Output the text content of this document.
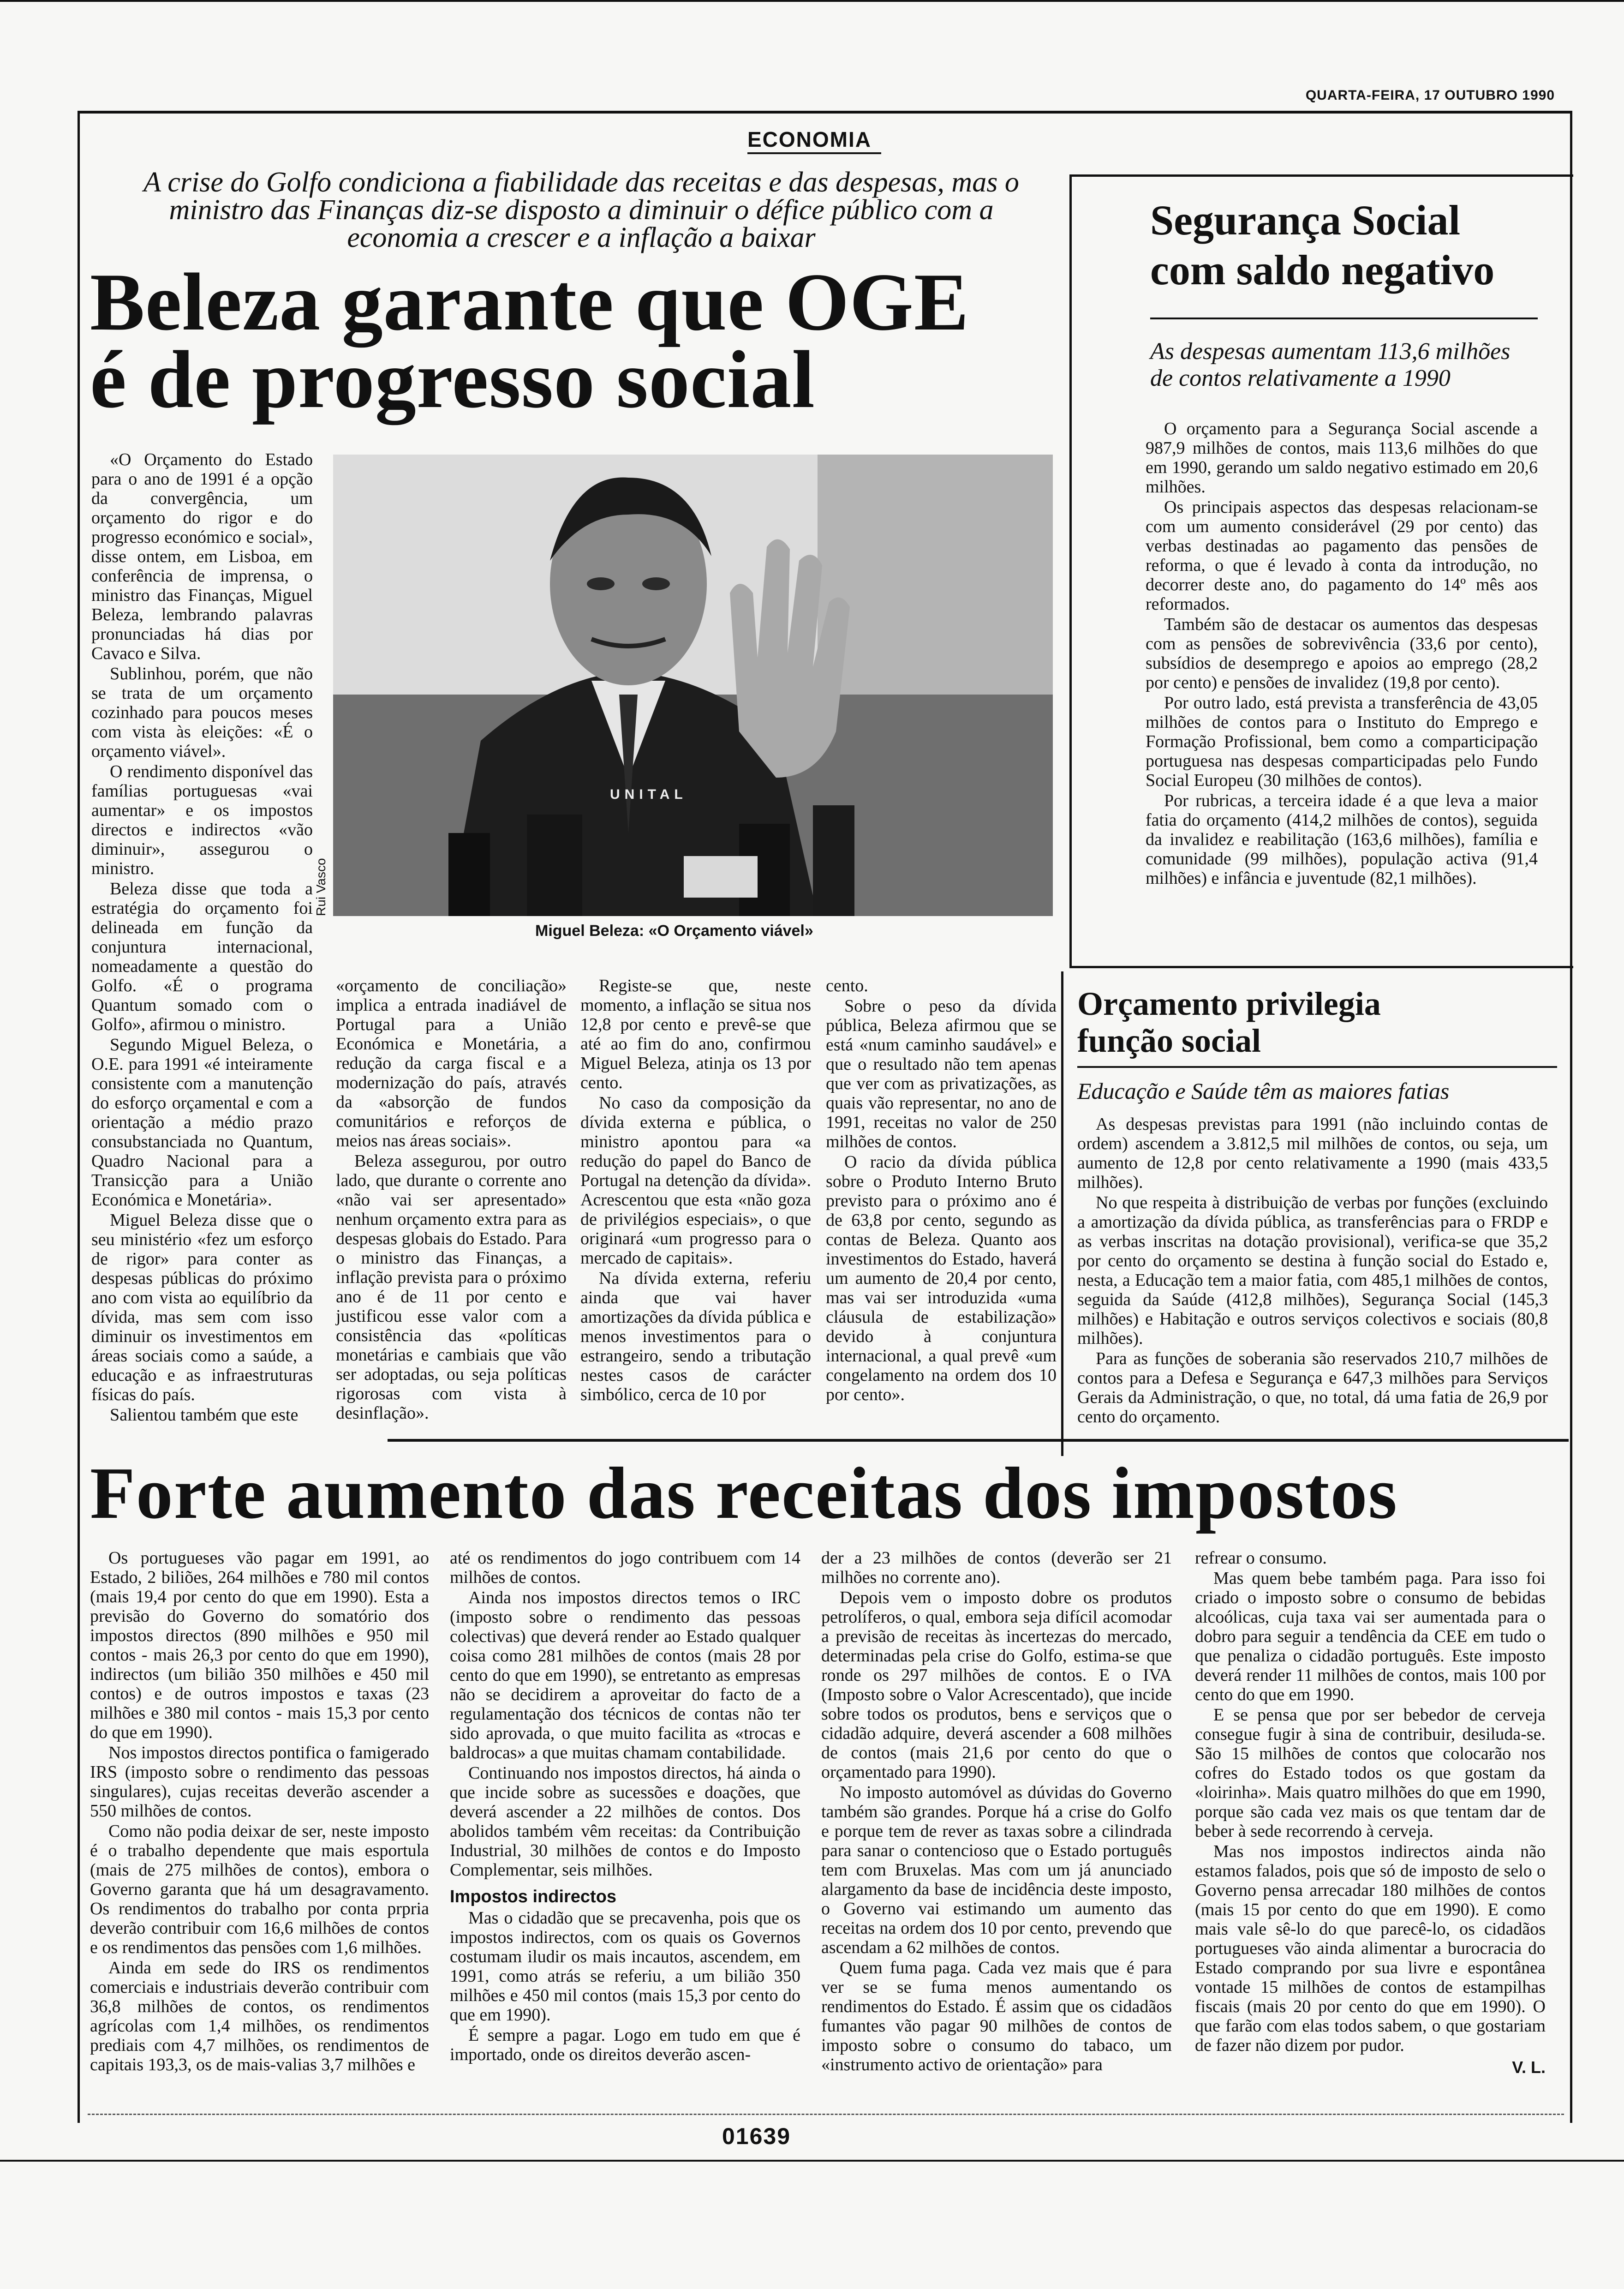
QUARTA-FEIRA, 17 OUTUBRO 1990
ECONOMIA
A crise do Golfo condiciona a fiabilidade das receitas e das despesas, mas o ministro das Finanças diz-se disposto a diminuir o défice público com a economia a crescer e a inflação a baixar
Beleza garante que OGE
é de progresso social
UNITAL
Rui Vasco
Miguel Beleza: «O Orçamento viável»

«O Orçamento do Estado para o ano de 1991 é a opção da convergência, um orçamento do rigor e do progresso económico e social», disse ontem, em Lisboa, em conferência de imprensa, o ministro das Finanças, Miguel Beleza, lembrando palavras pronunciadas há dias por Cavaco e Silva.

Sublinhou, porém, que não se trata de um orçamento cozinhado para poucos meses com vista às eleições: «É o orçamento viável».

O rendimento disponível das famílias portuguesas «vai aumentar» e os impostos directos e indirectos «vão diminuir», assegurou o ministro.

Beleza disse que toda a estratégia do orçamento foi delineada em função da conjuntura internacional, nomeadamente a questão do Golfo. «É o programa Quantum somado com o Golfo», afirmou o ministro.

Segundo Miguel Beleza, o O.E. para 1991 «é inteiramente consistente com a manutenção do esforço orçamental e com a orientação a médio prazo consubstanciada no Quantum, Quadro Nacional para a Transicção para a União Económica e Monetária».

Miguel Beleza disse que o seu ministério «fez um esforço de rigor» para conter as despesas públicas do próximo ano com vista ao equilíbrio da dívida, mas sem com isso diminuir os investimentos em áreas sociais como a saúde, a educação e as infraestruturas físicas do país.

Salientou também que este

«orçamento de conciliação» implica a entrada inadiável de Portugal para a União Económica e Monetária, a redução da carga fiscal e a modernização do país, através da «absorção de fundos comunitários e reforços de meios nas áreas sociais».

Beleza assegurou, por outro lado, que durante o corrente ano «não vai ser apresentado» nenhum orçamento extra para as despesas globais do Estado. Para o ministro das Finanças, a inflação prevista para o próximo ano é de 11 por cento e justificou esse valor com a consistência das «políticas monetárias e cambiais que vão ser adoptadas, ou seja políticas rigorosas com vista à desinflação».

Registe-se que, neste momento, a inflação se situa nos 12,8 por cento e prevê-se que até ao fim do ano, confirmou Miguel Beleza, atinja os 13 por cento.

No caso da composição da dívida externa e pública, o ministro apontou para «a redução do papel do Banco de Portugal na detenção da dívida». Acrescentou que esta «não goza de privilégios especiais», o que originará «um progresso para o mercado de capitais».

Na dívida externa, referiu ainda que vai haver amortizações da dívida pública e menos investimentos para o estrangeiro, sendo a tributação nestes casos de carácter simbólico, cerca de 10 por

cento.

Sobre o peso da dívida pública, Beleza afirmou que se está «num caminho saudável» e que o resultado não tem apenas que ver com as privatizações, as quais vão representar, no ano de 1991, receitas no valor de 250 milhões de contos.

O racio da dívida pública sobre o Produto Interno Bruto previsto para o próximo ano é de 63,8 por cento, segundo as contas de Beleza. Quanto aos investimentos do Estado, haverá um aumento de 20,4 por cento, mas vai ser introduzida «uma cláusula de estabilização» devido à conjuntura internacional, a qual prevê «um congelamento na ordem dos 10 por cento».

Segurança Social
com saldo negativo
As despesas aumentam 113,6 milhões de contos relativamente a 1990

O orçamento para a Segurança Social ascende a 987,9 milhões de contos, mais 113,6 milhões do que em 1990, gerando um saldo negativo estimado em 20,6 milhões.

Os principais aspectos das despesas relacionam-se com um aumento considerável (29 por cento) das verbas destinadas ao pagamento das pensões de reforma, o que é levado à conta da introdução, no decorrer deste ano, do pagamento do 14º mês aos reformados.

Também são de destacar os aumentos das despesas com as pensões de sobrevivência (33,6 por cento), subsídios de desemprego e apoios ao emprego (28,2 por cento) e pensões de invalidez (19,8 por cento).

Por outro lado, está prevista a transferência de 43,05 milhões de contos para o Instituto do Emprego e Formação Profissional, bem como a comparticipação portuguesa nas despesas comparticipadas pelo Fundo Social Europeu (30 milhões de contos).

Por rubricas, a terceira idade é a que leva a maior fatia do orçamento (414,2 milhões de contos), seguida da invalidez e reabilitação (163,6 milhões), família e comunidade (99 milhões), população activa (91,4 milhões) e infância e juventude (82,1 milhões).

Orçamento privilegia
função social
Educação e Saúde têm as maiores fatias

As despesas previstas para 1991 (não incluindo contas de ordem) ascendem a 3.812,5 mil milhões de contos, ou seja, um aumento de 12,8 por cento relativamente a 1990 (mais 433,5 milhões).

No que respeita à distribuição de verbas por funções (excluindo a amortização da dívida pública, as transferências para o FRDP e as verbas inscritas na dotação provisional), verifica-se que 35,2 por cento do orçamento se destina à função social do Estado e, nesta, a Educação tem a maior fatia, com 485,1 milhões de contos, seguida da Saúde (412,8 milhões), Segurança Social (145,3 milhões) e Habitação e outros serviços colectivos e sociais (80,8 milhões).

Para as funções de soberania são reservados 210,7 milhões de contos para a Defesa e Segurança e 647,3 milhões para Serviços Gerais da Administração, o que, no total, dá uma fatia de 26,9 por cento do orçamento.

Forte aumento das receitas dos impostos

Os portugueses vão pagar em 1991, ao Estado, 2 biliões, 264 milhões e 780 mil contos (mais 19,4 por cento do que em 1990). Esta a previsão do Governo do somatório dos impostos directos (890 milhões e 950 mil contos - mais 26,3 por cento do que em 1990), indirectos (um bilião 350 milhões e 450 mil contos) e de outros impostos e taxas (23 milhões e 380 mil contos - mais 15,3 por cento do que em 1990).

Nos impostos directos pontifica o famigerado IRS (imposto sobre o rendimento das pessoas singulares), cujas receitas deverão ascender a 550 milhões de contos.

Como não podia deixar de ser, neste imposto é o trabalho dependente que mais esportula (mais de 275 milhões de contos), embora o Governo garanta que há um desagravamento. Os rendimentos do trabalho por conta prpria deverão contribuir com 16,6 milhões de contos e os rendimentos das pensões com 1,6 milhões.

Ainda em sede do IRS os rendimentos comerciais e industriais deverão contribuir com 36,8 milhões de contos, os rendimentos agrícolas com 1,4 milhões, os rendimentos prediais com 4,7 milhões, os rendimentos de capitais 193,3, os de mais-valias 3,7 milhões e

até os rendimentos do jogo contribuem com 14 milhões de contos.

Ainda nos impostos directos temos o IRC (imposto sobre o rendimento das pessoas colectivas) que deverá render ao Estado qualquer coisa como 281 milhões de contos (mais 28 por cento do que em 1990), se entretanto as empresas não se decidirem a aproveitar do facto de a regulamentação dos técnicos de contas não ter sido aprovada, o que muito facilita as «trocas e baldrocas» a que muitas chamam contabilidade.

Continuando nos impostos directos, há ainda o que incide sobre as sucessões e doações, que deverá ascender a 22 milhões de contos. Dos abolidos também vêm receitas: da Contribuição Industrial, 30 milhões de contos e do Imposto Complementar, seis milhões.

Impostos indirectos

Mas o cidadão que se precavenha, pois que os impostos indirectos, com os quais os Governos costumam iludir os mais incautos, ascendem, em 1991, como atrás se referiu, a um bilião 350 milhões e 450 mil contos (mais 15,3 por cento do que em 1990).

É sempre a pagar. Logo em tudo em que é importado, onde os direitos deverão ascen-

der a 23 milhões de contos (deverão ser 21 milhões no corrente ano).

Depois vem o imposto dobre os produtos petrolíferos, o qual, embora seja difícil acomodar a previsão de receitas às incertezas do mercado, determinadas pela crise do Golfo, estima-se que ronde os 297 milhões de contos. E o IVA (Imposto sobre o Valor Acrescentado), que incide sobre todos os produtos, bens e serviços que o cidadão adquire, deverá ascender a 608 milhões de contos (mais 21,6 por cento do que o orçamentado para 1990).

No imposto automóvel as dúvidas do Governo também são grandes. Porque há a crise do Golfo e porque tem de rever as taxas sobre a cilindrada para sanar o contencioso que o Estado português tem com Bruxelas. Mas com um já anunciado alargamento da base de incidência deste imposto, o Governo vai estimando um aumento das receitas na ordem dos 10 por cento, prevendo que ascendam a 62 milhões de contos.

Quem fuma paga. Cada vez mais que é para ver se se fuma menos aumentando os rendimentos do Estado. É assim que os cidadãos fumantes vão pagar 90 milhões de contos de imposto sobre o consumo do tabaco, um «instrumento activo de orientação» para

refrear o consumo.

Mas quem bebe também paga. Para isso foi criado o imposto sobre o consumo de bebidas alcoólicas, cuja taxa vai ser aumentada para o dobro para seguir a tendência da CEE em tudo o que penaliza o cidadão português. Este imposto deverá render 11 milhões de contos, mais 100 por cento do que em 1990.

E se pensa que por ser bebedor de cerveja consegue fugir à sina de contribuir, desiluda-se. São 15 milhões de contos que colocarão nos cofres do Estado todos os que gostam da «loirinha». Mais quatro milhões do que em 1990, porque são cada vez mais os que tentam dar de beber à sede recorrendo à cerveja.

Mas nos impostos indirectos ainda não estamos falados, pois que só de imposto de selo o Governo pensa arrecadar 180 milhões de contos (mais 15 por cento do que em 1990). E como mais vale sê-lo do que parecê-lo, os cidadãos portugueses vão ainda alimentar a burocracia do Estado comprando por sua livre e espontânea vontade 15 milhões de contos de estampilhas fiscais (mais 20 por cento do que em 1990). O que farão com elas todos sabem, o que gostariam de fazer não dizem por pudor.

V. L.
01639
